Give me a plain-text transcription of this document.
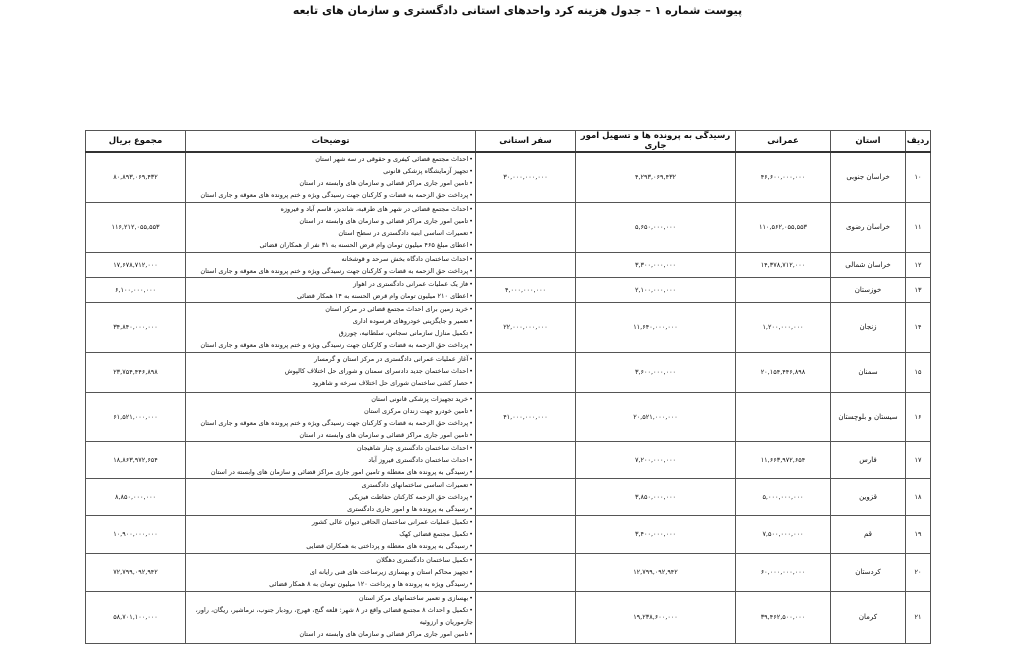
پیوست شماره ۱ – جدول هزینه کرد واحدهای استانی دادگستری و سازمان های تابعه
ردیف	استان	عمرانی	رسیدگی به پرونده ها و تسهیل امور جاری	سفر استانی	توضیحات	مجموع بریال
۱۰	خراسان جنوبی	۴۶,۶۰۰,۰۰۰,۰۰۰	۴,۲۹۳,۰۶۹,۴۳۲	۳۰,۰۰۰,۰۰۰,۰۰۰	• احداث مجتمع قضائی کیفری و حقوقی در سه شهر استان
• تجهیز آزمایشگاه پزشکی قانونی
• تامین امور جاری مراکز قضائی و سازمان های وابسته در استان
• پرداخت حق الزحمه به قضات و کارکنان جهت رسیدگی ویژه و ختم پرونده های معوقه و جاری استان	۸۰,۸۹۳,۰۶۹,۴۳۲
۱۱	خراسان رضوی	۱۱۰,۵۶۲,۰۵۵,۵۵۳	۵,۶۵۰,۰۰۰,۰۰۰		• احداث مجتمع قضائی در شهر های طرقبه، شاندیز، قاسم آباد و فیروزه
• تامین امور جاری مراکز قضائی و سازمان های وابسته در استان
• تعمیرات اساسی ابنیه دادگستری در سطح استان
• اعطای مبلغ ۴۶۵ میلیون تومان وام قرض الحسنه به ۳۱ نفر از همکاران قضائی	۱۱۶,۲۱۲,۰۵۵,۵۵۳
۱۲	خراسان شمالی	۱۴,۳۷۸,۷۱۲,۰۰۰	۳,۳۰۰,۰۰۰,۰۰۰		• احداث ساختمان دادگاه بخش سرحد و قوشخانه
• پرداخت حق الزحمه به قضات و کارکنان جهت رسیدگی ویژه و ختم پرونده های معوقه و جاری استان	۱۷,۶۷۸,۷۱۲,۰۰۰
۱۳	خوزستان		۲,۱۰۰,۰۰۰,۰۰۰	۴,۰۰۰,۰۰۰,۰۰۰	• فاز یک عملیات عمرانی دادگستری در اهواز
• اعطای ۲۱۰ میلیون تومان وام قرض الحسنه به ۱۴ همکار قضائی	۶,۱۰۰,۰۰۰,۰۰۰
۱۴	زنجان	۱,۲۰۰,۰۰۰,۰۰۰	۱۱,۶۴۰,۰۰۰,۰۰۰	۲۲,۰۰۰,۰۰۰,۰۰۰	• خرید زمین برای احداث مجتمع قضائی در مرکز استان
• تعمیر و جایگزینی خودروهای فرسوده اداری
• تکمیل منازل سازمانی سجاس، سلطانیه، چورزق
• پرداخت حق الزحمه به قضات و کارکنان جهت رسیدگی ویژه و ختم پرونده های معوقه و جاری استان	۳۴,۸۴۰,۰۰۰,۰۰۰
۱۵	سمنان	۲۰,۱۵۴,۴۴۶,۸۹۸	۳,۶۰۰,۰۰۰,۰۰۰		• آغاز عملیات عمرانی دادگستری در مرکز استان و گرمسار
• احداث ساختمان جدید دادسرای سمنان و شورای حل اختلاف کالپوش
• حصار کشی ساختمان شورای حل اختلاف سرخه و شاهرود	۲۳,۷۵۴,۴۴۶,۸۹۸
۱۶	سیستان و بلوچستان		۲۰,۵۲۱,۰۰۰,۰۰۰	۴۱,۰۰۰,۰۰۰,۰۰۰	• خرید تجهیزات پزشکی قانونی استان
• تامین خودرو جهت زندان مرکزی استان
• پرداخت حق الزحمه به قضات و کارکنان جهت رسیدگی ویژه و ختم پرونده های معوقه و جاری استان
• تامین امور جاری مراکز قضائی و سازمان های وابسته در استان	۶۱,۵۲۱,۰۰۰,۰۰۰
۱۷	فارس	۱۱,۶۶۳,۹۷۲,۶۵۴	۷,۲۰۰,۰۰۰,۰۰۰		• احداث ساختمان دادگستری چنار شاهیجان
• احداث ساختمان دادگستری فیروز آباد
• رسیدگی به پرونده های معطله و تامین امور جاری مراکز قضائی و سازمان های وابسته در استان	۱۸,۸۶۳,۹۷۲,۶۵۴
۱۸	قزوین	۵,۰۰۰,۰۰۰,۰۰۰	۳,۸۵۰,۰۰۰,۰۰۰		• تعمیرات اساسی ساختمانهای دادگستری
• پرداخت حق الزحمه کارکنان حفاظت فیزیکی
• رسیدگی به پرونده ها و امور جاری دادگستری	۸,۸۵۰,۰۰۰,۰۰۰
۱۹	قم	۷,۵۰۰,۰۰۰,۰۰۰	۳,۴۰۰,۰۰۰,۰۰۰		• تکمیل عملیات عمرانی ساختمان الحاقی دیوان عالی کشور
• تکمیل مجتمع قضائی کهک
• رسیدگی به پرونده های معطله و پرداختی به همکاران قضایی	۱۰,۹۰۰,۰۰۰,۰۰۰
۲۰	کردستان	۶۰,۰۰۰,۰۰۰,۰۰۰	۱۲,۷۹۹,۰۹۲,۹۴۲		• تکمیل ساختمان دادگستری دهگلان
• تجهیز محاکم استان و بهسازی زیرساخت های فنی رایانه ای
• رسیدگی ویژه به پرونده ها و پرداخت ۱۲۰ میلیون تومان به ۸ همکار قضائی	۷۲,۷۹۹,۰۹۲,۹۴۲
۲۱	کرمان	۳۹,۴۶۲,۵۰۰,۰۰۰	۱۹,۲۳۸,۶۰۰,۰۰۰		• بهسازی و تعمیر ساختمانهای مرکز استان
• تکمیل و احداث ۸ مجتمع قضائی واقع در ۸ شهر: قلعه گنج، فهرج، رودبار جنوب، نرماشیر، ریگان، راور، جازموریان و ارزوئیه
• تامین امور جاری مراکز قضائی و سازمان های وابسته در استان	۵۸,۷۰۱,۱۰۰,۰۰۰
